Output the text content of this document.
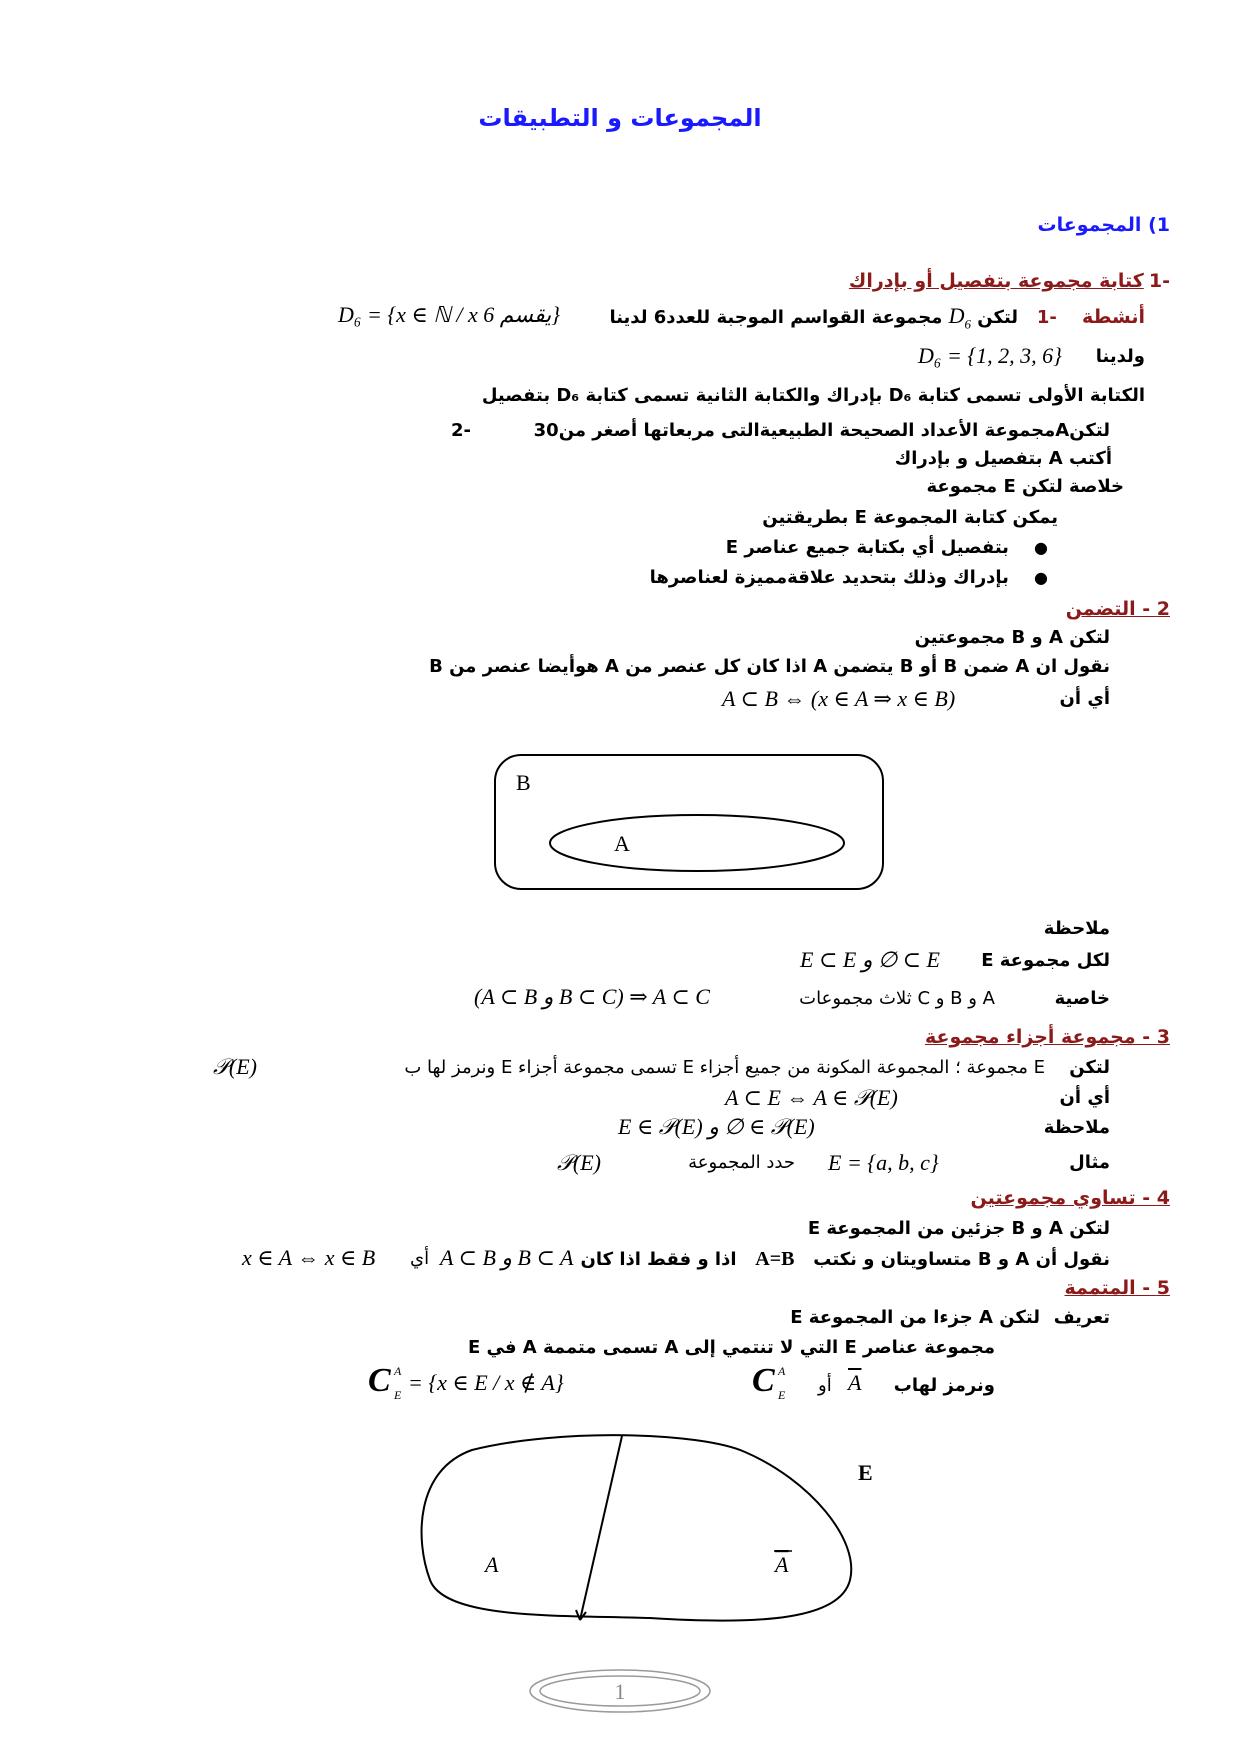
المجموعات و التطبيقات
1) المجموعات
-1 كتابة مجموعة بتفصيل أو بإدراك
أنشطة    -1   لتكن $D_6$ مجموعة القواسم الموجبة للعدد6 لدينا
D₆ = {x ∈ ℕ / x يقسم 6}
ولدينا
D₆ = {1, 2, 3, 6}
الكتابة الأولى تسمى كتابة D₆ بإدراك والكتابة الثانية تسمى كتابة D₆ بتفصيل
لتكنAمجموعة الأعداد الصحيحة الطبيعيةالتى مربعاتها أصغر من30          -2
أكتب A بتفصيل و بإدراك
خلاصة لتكن E مجموعة
يمكن كتابة المجموعة E بطريقتين
●    بتفصيل أي بكتابة جميع عناصر E
●    بإدراك وذلك بتحديد علاقةمميزة لعناصرها
2 - التضمن
لتكن A و B مجموعتين
نقول ان A ضمن B أو B يتضمن A اذا كان كل عنصر من A هوأيضا عنصر من B
أي أن
A ⊂ B ⇔ (x ∈ A ⇒ x ∈ B)
B
A
ملاحظة
لكل مجموعة E
E ⊂ E و ∅ ⊂ E
خاصية
A و B و C ثلاث مجموعات
(A ⊂ B و B ⊂ C) ⇒ A ⊂ C
3 - مجموعة أجزاء مجموعة
لتكن
E مجموعة ؛ المجموعة المكونة من جميع أجزاء E تسمى مجموعة أجزاء E ونرمز لها ب
𝒫(E)
أي أن
A ⊂ E ⇔ A ∈ 𝒫(E)
ملاحظة
E ∈ 𝒫(E) و ∅ ∈ 𝒫(E)
مثال
E = {a, b, c}
حدد المجموعة
𝒫(E)
4 - تساوي مجموعتين
لتكن A و B جزئين من المجموعة E
نقول أن A و B متساويتان و نكتب   A=B   اذا و فقط اذا كان
A ⊂ B و B ⊂ A
أي
x ∈ A ⇔ x ∈ B
5 - المتممة
تعريف
لتكن A جزءا من المجموعة E
مجموعة عناصر E التي لا تنتمي إلى A تسمى متممة A في E
ونرمز لهاب
$\overline{A}$
أو
C A
E
C A
E = {x ∈ E / x ∉ A}
A	A
E
1
